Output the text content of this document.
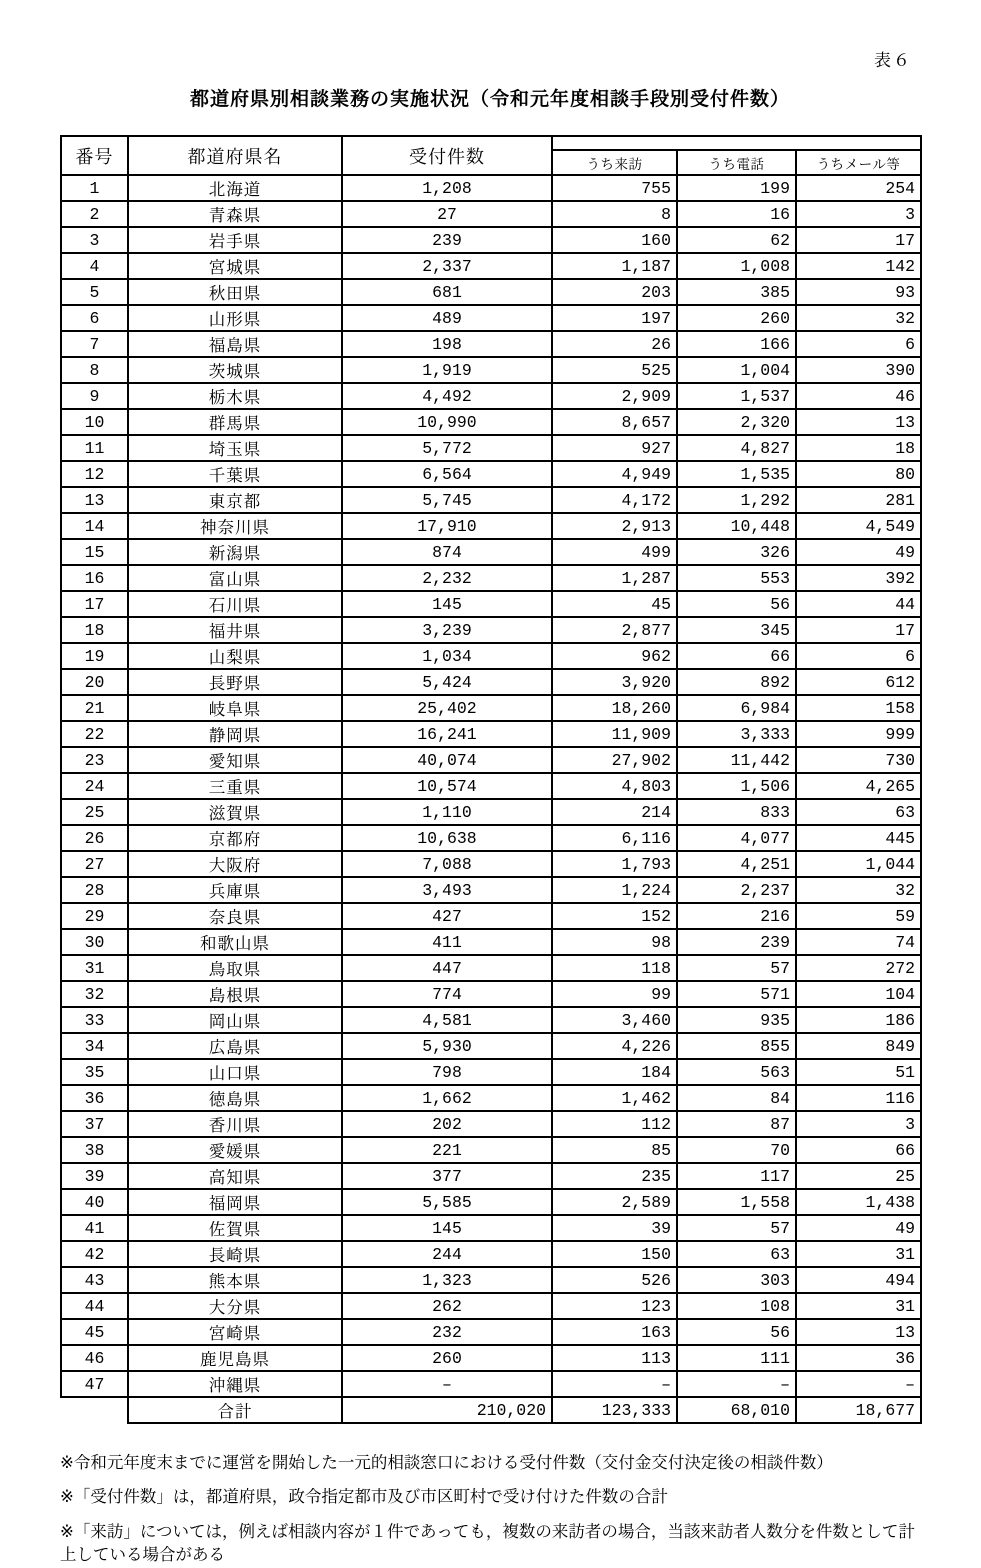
表６
都道府県別相談業務の実施状況（令和元年度相談手段別受付件数）
番号	都道府県名	受付件数			
			うち来訪	うち電話	うちメール等
1	北海道	1,208	755	199	254
2	青森県	27	8	16	3
3	岩手県	239	160	62	17
4	宮城県	2,337	1,187	1,008	142
5	秋田県	681	203	385	93
6	山形県	489	197	260	32
7	福島県	198	26	166	6
8	茨城県	1,919	525	1,004	390
9	栃木県	4,492	2,909	1,537	46
10	群馬県	10,990	8,657	2,320	13
11	埼玉県	5,772	927	4,827	18
12	千葉県	6,564	4,949	1,535	80
13	東京都	5,745	4,172	1,292	281
14	神奈川県	17,910	2,913	10,448	4,549
15	新潟県	874	499	326	49
16	富山県	2,232	1,287	553	392
17	石川県	145	45	56	44
18	福井県	3,239	2,877	345	17
19	山梨県	1,034	962	66	6
20	長野県	5,424	3,920	892	612
21	岐阜県	25,402	18,260	6,984	158
22	静岡県	16,241	11,909	3,333	999
23	愛知県	40,074	27,902	11,442	730
24	三重県	10,574	4,803	1,506	4,265
25	滋賀県	1,110	214	833	63
26	京都府	10,638	6,116	4,077	445
27	大阪府	7,088	1,793	4,251	1,044
28	兵庫県	3,493	1,224	2,237	32
29	奈良県	427	152	216	59
30	和歌山県	411	98	239	74
31	鳥取県	447	118	57	272
32	島根県	774	99	571	104
33	岡山県	4,581	3,460	935	186
34	広島県	5,930	4,226	855	849
35	山口県	798	184	563	51
36	徳島県	1,662	1,462	84	116
37	香川県	202	112	87	3
38	愛媛県	221	85	70	66
39	高知県	377	235	117	25
40	福岡県	5,585	2,589	1,558	1,438
41	佐賀県	145	39	57	49
42	長崎県	244	150	63	31
43	熊本県	1,323	526	303	494
44	大分県	262	123	108	31
45	宮崎県	232	163	56	13
46	鹿児島県	260	113	111	36
47	沖縄県	–	–	–	–
	合計	210,020	123,333	68,010	18,677

※令和元年度末までに運営を開始した一元的相談窓口における受付件数（交付金交付決定後の相談件数）

※「受付件数」は，都道府県，政令指定都市及び市区町村で受け付けた件数の合計

※「来訪」については，例えば相談内容が１件であっても，複数の来訪者の場合，当該来訪者人数分を件数として計上している場合がある
